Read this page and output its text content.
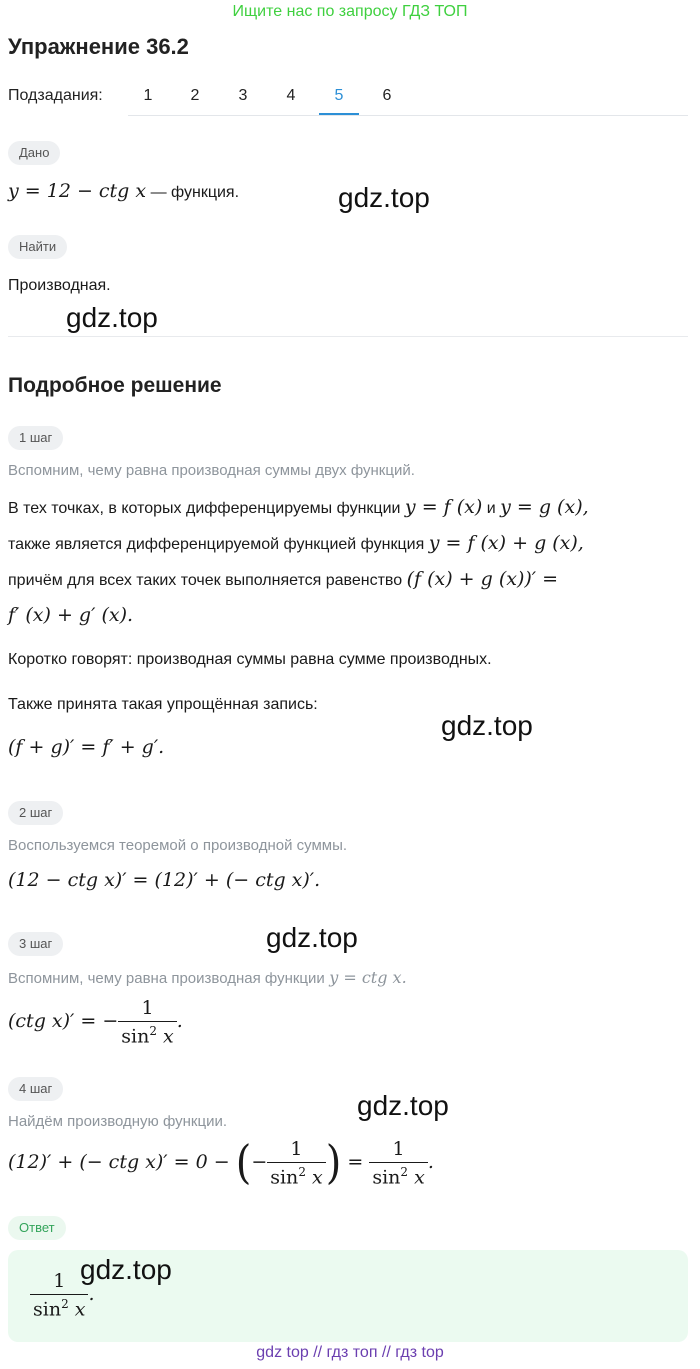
Ищите нас по запросу ГДЗ ТОП
Упражнение 36.2
Подзадания:	1	2	3	4	5	6
Дано
y = 12 − ctg x — функция.	gdz.top
Найти
Производная.
gdz.top
Подробное решение
1 шаг
Вспомним, чему равна производная суммы двух функций.
В тех точках, в которых дифференцируемы функции y = f (x) и y = g (x),
также является дифференцируемой функцией функция y = f (x) + g (x),
причём для всех таких точек выполняется равенство (f (x) + g (x))′ =
f′ (x) + g′ (x).
Коротко говорят: производная суммы равна сумме производных.
Также принята такая упрощённая запись:
gdz.top
(f + g)′ = f′ + g′.
2 шаг
Воспользуемся теоремой о производной суммы.
(12 − ctg x)′ = (12)′ + (− ctg x)′.
3 шаг	gdz.top
Вспомним, чему равна производная функции y = ctg x.
(ctg x)′ = − $\frac{1}{\sin^2 x}$ .
4 шаг
gdz.top
Найдём производную функции.
(12)′ + (− ctg x)′ = 0 − (− $\frac{1}{\sin^2 x}$ ) = $\frac{1}{\sin^2 x}$ .
Ответ
$\frac{1}{\sin^2 x}$ .
gdz.top
gdz top // гдз топ // гдз top
